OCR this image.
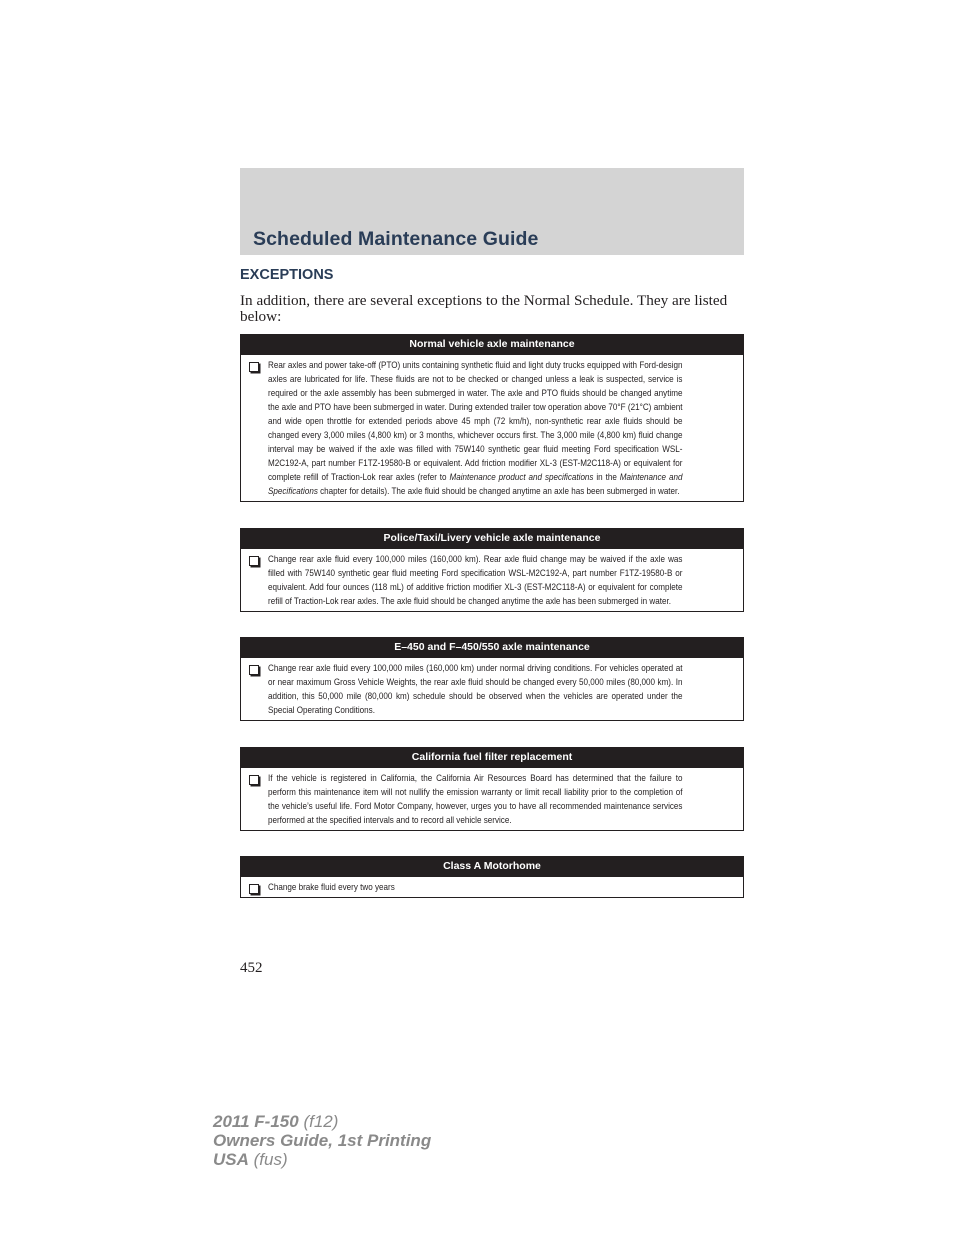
Scheduled Maintenance Guide
EXCEPTIONS

In addition, there are several exceptions to the Normal Schedule. They are listed below:

Normal vehicle axle maintenance

Rear axles and power take-off (PTO) units containing synthetic fluid and light duty trucks equipped with Ford-design axles are lubricated for life. These fluids are not to be checked or changed unless a leak is suspected, service is required or the axle assembly has been submerged in water. The axle and PTO fluids should be changed anytime the axle and PTO have been submerged in water. During extended trailer tow operation above 70°F (21°C) ambient and wide open throttle for extended periods above 45 mph (72 km/h), non-synthetic rear axle fluids should be changed every 3,000 miles (4,800 km) or 3 months, whichever occurs first. The 3,000 mile (4,800 km) fluid change interval may be waived if the axle was filled with 75W140 synthetic gear fluid meeting Ford specification WSL-M2C192-A, part number F1TZ-19580-B or equivalent. Add friction modifier XL-3 (EST-M2C118-A) or equivalent for complete refill of Traction-Lok rear axles (refer to Maintenance product and specifications in the Maintenance and Specifications chapter for details). The axle fluid should be changed anytime an axle has been submerged in water.

Police/Taxi/Livery vehicle axle maintenance

Change rear axle fluid every 100,000 miles (160,000 km). Rear axle fluid change may be waived if the axle was filled with 75W140 synthetic gear fluid meeting Ford specification WSL-M2C192-A, part number F1TZ-19580-B or equivalent. Add four ounces (118 mL) of additive friction modifier XL-3 (EST-M2C118-A) or equivalent for complete refill of Traction-Lok rear axles. The axle fluid should be changed anytime the axle has been submerged in water.

E–450 and F–450/550 axle maintenance

Change rear axle fluid every 100,000 miles (160,000 km) under normal driving conditions. For vehicles operated at or near maximum Gross Vehicle Weights, the rear axle fluid should be changed every 50,000 miles (80,000 km). In addition, this 50,000 mile (80,000 km) schedule should be observed when the vehicles are operated under the Special Operating Conditions.

California fuel filter replacement

If the vehicle is registered in California, the California Air Resources Board has determined that the failure to perform this maintenance item will not nullify the emission warranty or limit recall liability prior to the completion of the vehicle’s useful life. Ford Motor Company, however, urges you to have all recommended maintenance services performed at the specified intervals and to record all vehicle service.

Class A Motorhome

Change brake fluid every two years

452
2011 F-150 (f12)
Owners Guide, 1st Printing
USA (fus)
